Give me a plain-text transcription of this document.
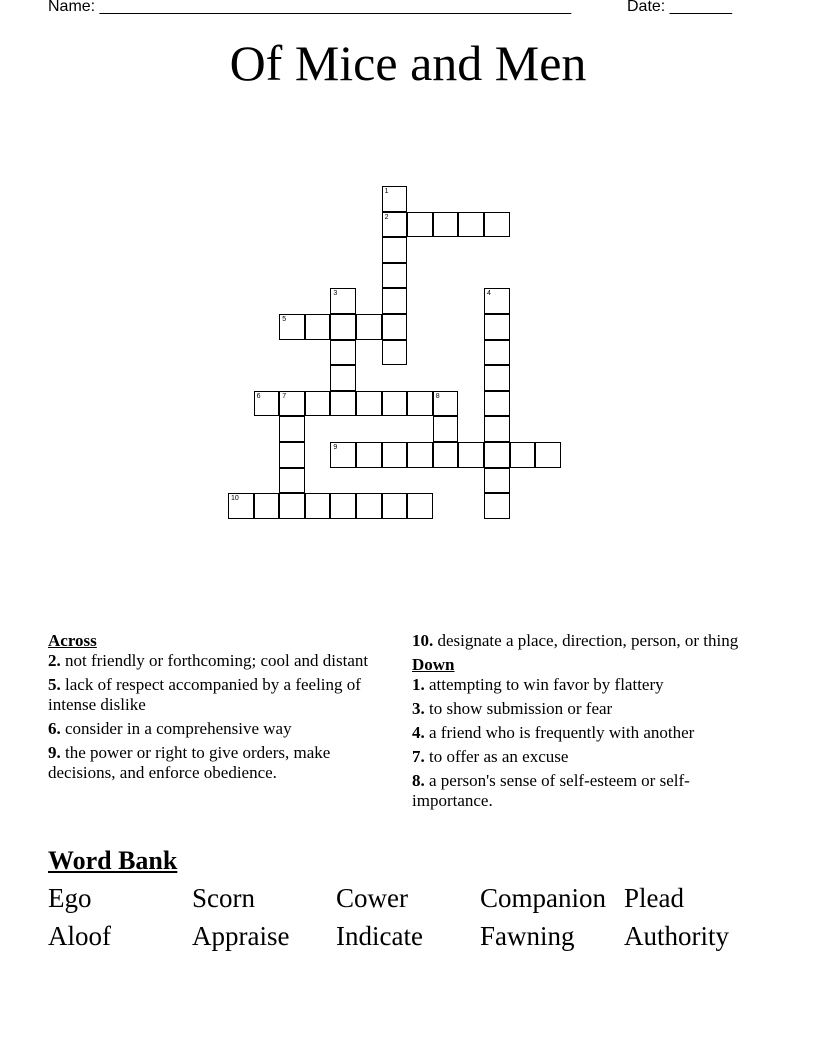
Name: _____________________________________________________	Date: _______
Of Mice and Men
1
2
3	4
5
6	7	8
9
10
Across
2. not friendly or forthcoming; cool and distant
5. lack of respect accompanied by a feeling of intense dislike
6. consider in a comprehensive way
9. the power or right to give orders, make decisions, and enforce obedience.
10. designate a place, direction, person, or thing
Down
1. attempting to win favor by flattery
3. to show submission or fear
4. a friend who is frequently with another
7. to offer as an excuse
8. a person's sense of self-esteem or self-importance.
Word Bank
Ego	Scorn	Cower	Companion Plead
Aloof	Appraise	Indicate	Fawning	Authority
